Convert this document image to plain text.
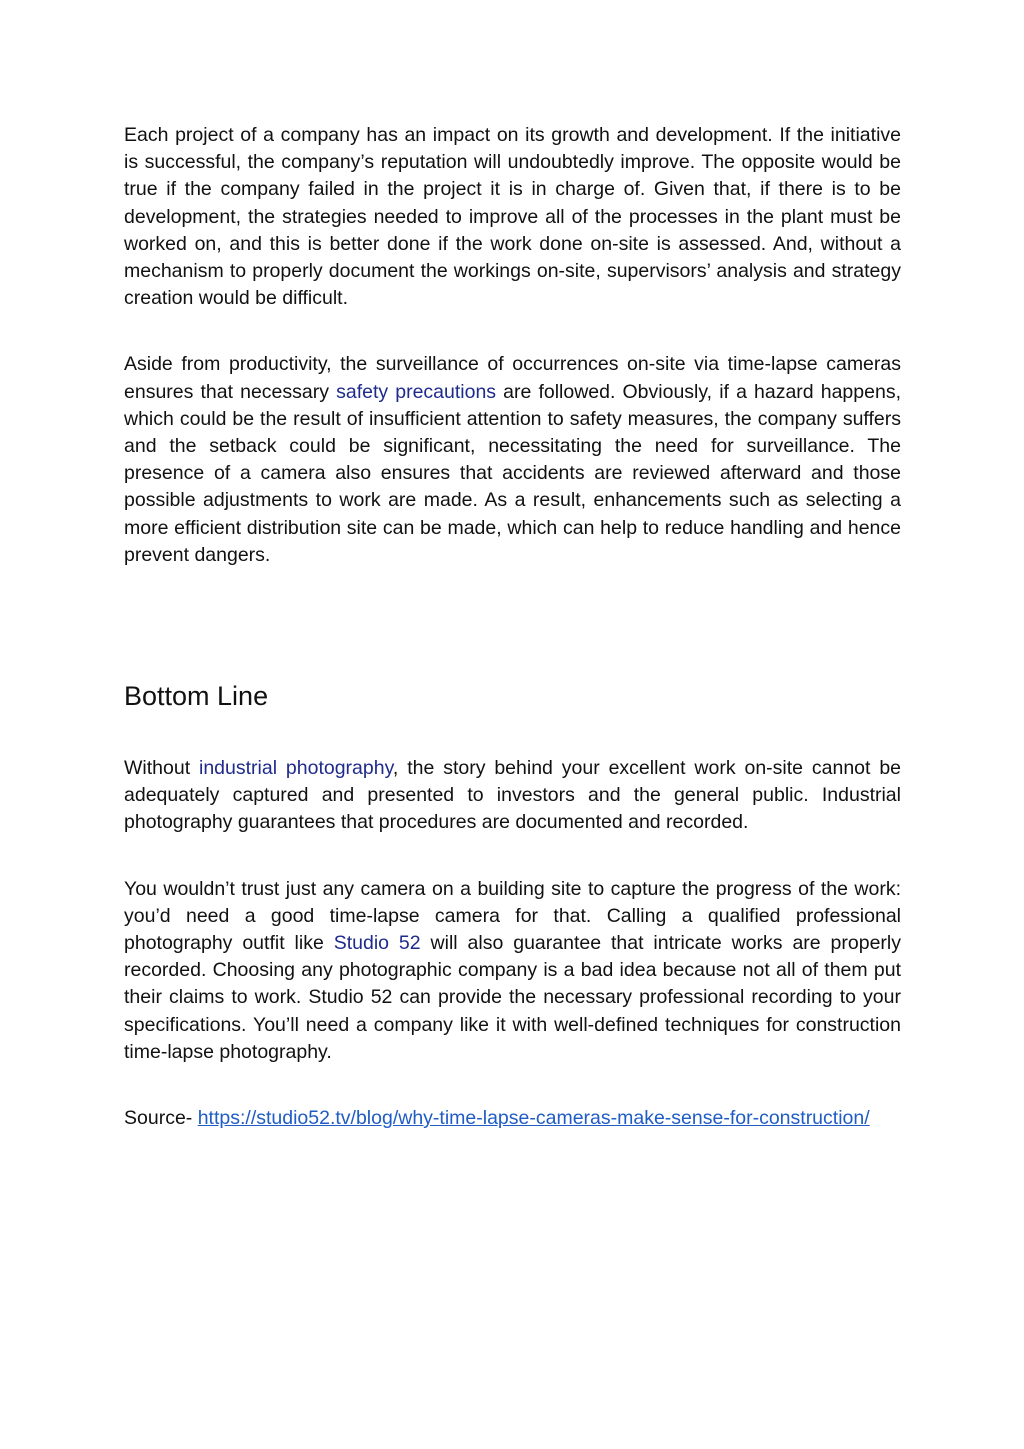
Each project of a company has an impact on its growth and development. If the initiative is successful, the company’s reputation will undoubtedly improve. The opposite would be true if the company failed in the project it is in charge of. Given that, if there is to be development, the strategies needed to improve all of the processes in the plant must be worked on, and this is better done if the work done on-site is assessed. And, without a mechanism to properly document the workings on-site, supervisors’ analysis and strategy creation would be difficult.

Aside from productivity, the surveillance of occurrences on-site via time-lapse cameras ensures that necessary safety precautions are followed. Obviously, if a hazard happens, which could be the result of insufficient attention to safety measures, the company suffers and the setback could be significant, necessitating the need for surveillance. The presence of a camera also ensures that accidents are reviewed afterward and those possible adjustments to work are made. As a result, enhancements such as selecting a more efficient distribution site can be made, which can help to reduce handling and hence prevent dangers.

Bottom Line

Without industrial photography, the story behind your excellent work on-site cannot be adequately captured and presented to investors and the general public. Industrial photography guarantees that procedures are documented and recorded.

You wouldn’t trust just any camera on a building site to capture the progress of the work: you’d need a good time-lapse camera for that. Calling a qualified professional photography outfit like Studio 52 will also guarantee that intricate works are properly recorded. Choosing any photographic company is a bad idea because not all of them put their claims to work. Studio 52 can provide the necessary professional recording to your specifications. You’ll need a company like it with well-defined techniques for construction time-lapse photography.

Source- https://studio52.tv/blog/why-time-lapse-cameras-make-sense-for-construction/
